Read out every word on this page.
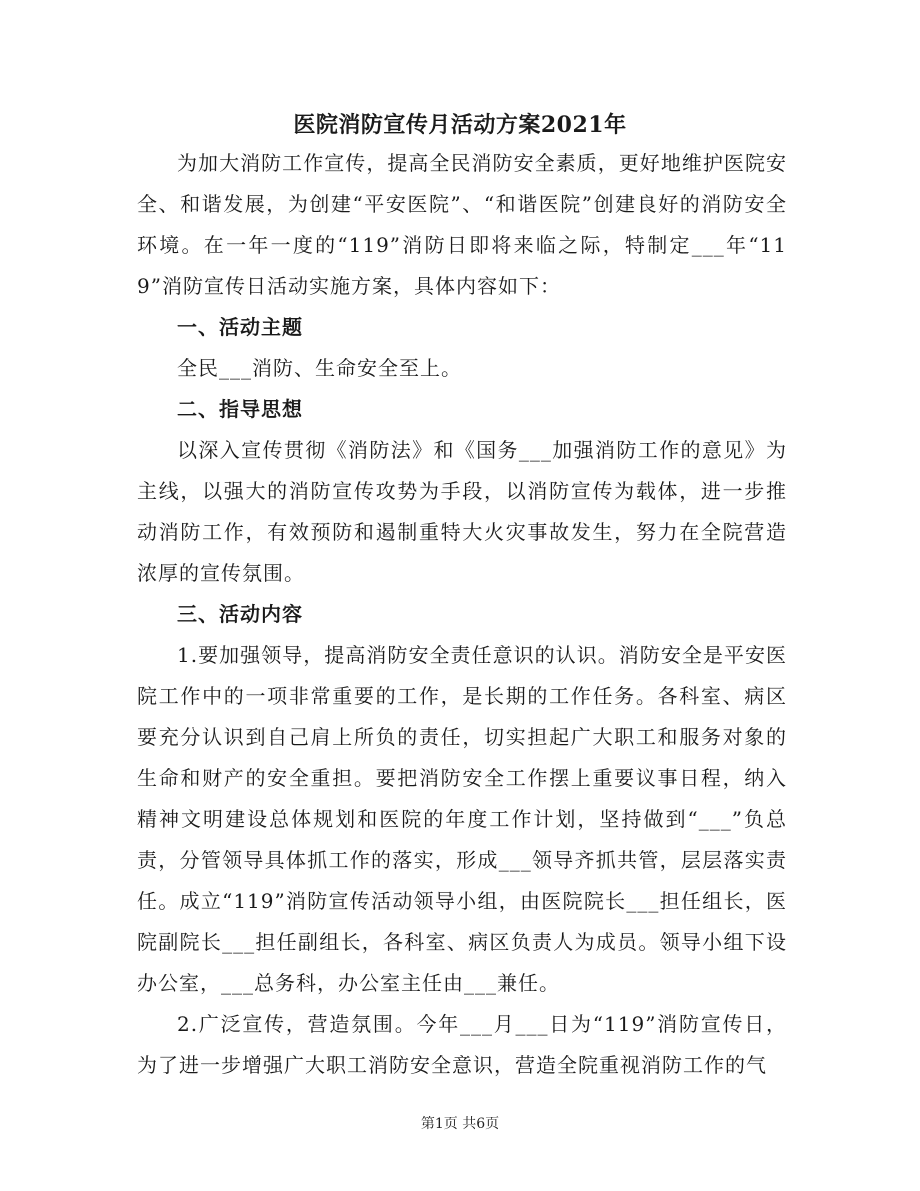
医院消防宣传月活动方案2021年

为加大消防工作宣传，提高全民消防安全素质，更好地维护医院安全、和谐发展，为创建“平安医院”、“和谐医院”创建良好的消防安全环境。在一年一度的“119”消防日即将来临之际，特制定___年“119”消防宣传日活动实施方案，具体内容如下：

一、活动主题

全民___消防、生命安全至上。

二、指导思想

以深入宣传贯彻《消防法》和《国务___加强消防工作的意见》为主线，以强大的消防宣传攻势为手段，以消防宣传为载体，进一步推动消防工作，有效预防和遏制重特大火灾事故发生，努力在全院营造浓厚的宣传氛围。

三、活动内容

1.要加强领导，提高消防安全责任意识的认识。消防安全是平安医院工作中的一项非常重要的工作，是长期的工作任务。各科室、病区要充分认识到自己肩上所负的责任，切实担起广大职工和服务对象的生命和财产的安全重担。要把消防安全工作摆上重要议事日程，纳入精神文明建设总体规划和医院的年度工作计划，坚持做到“___”负总责，分管领导具体抓工作的落实，形成___领导齐抓共管，层层落实责任。成立“119”消防宣传活动领导小组，由医院院长___担任组长，医院副院长___担任副组长，各科室、病区负责人为成员。领导小组下设办公室，___总务科，办公室主任由___兼任。

2.广泛宣传，营造氛围。今年___月___日为“119”消防宣传日，为了进一步增强广大职工消防安全意识，营造全院重视消防工作的气

第1页 共6页
